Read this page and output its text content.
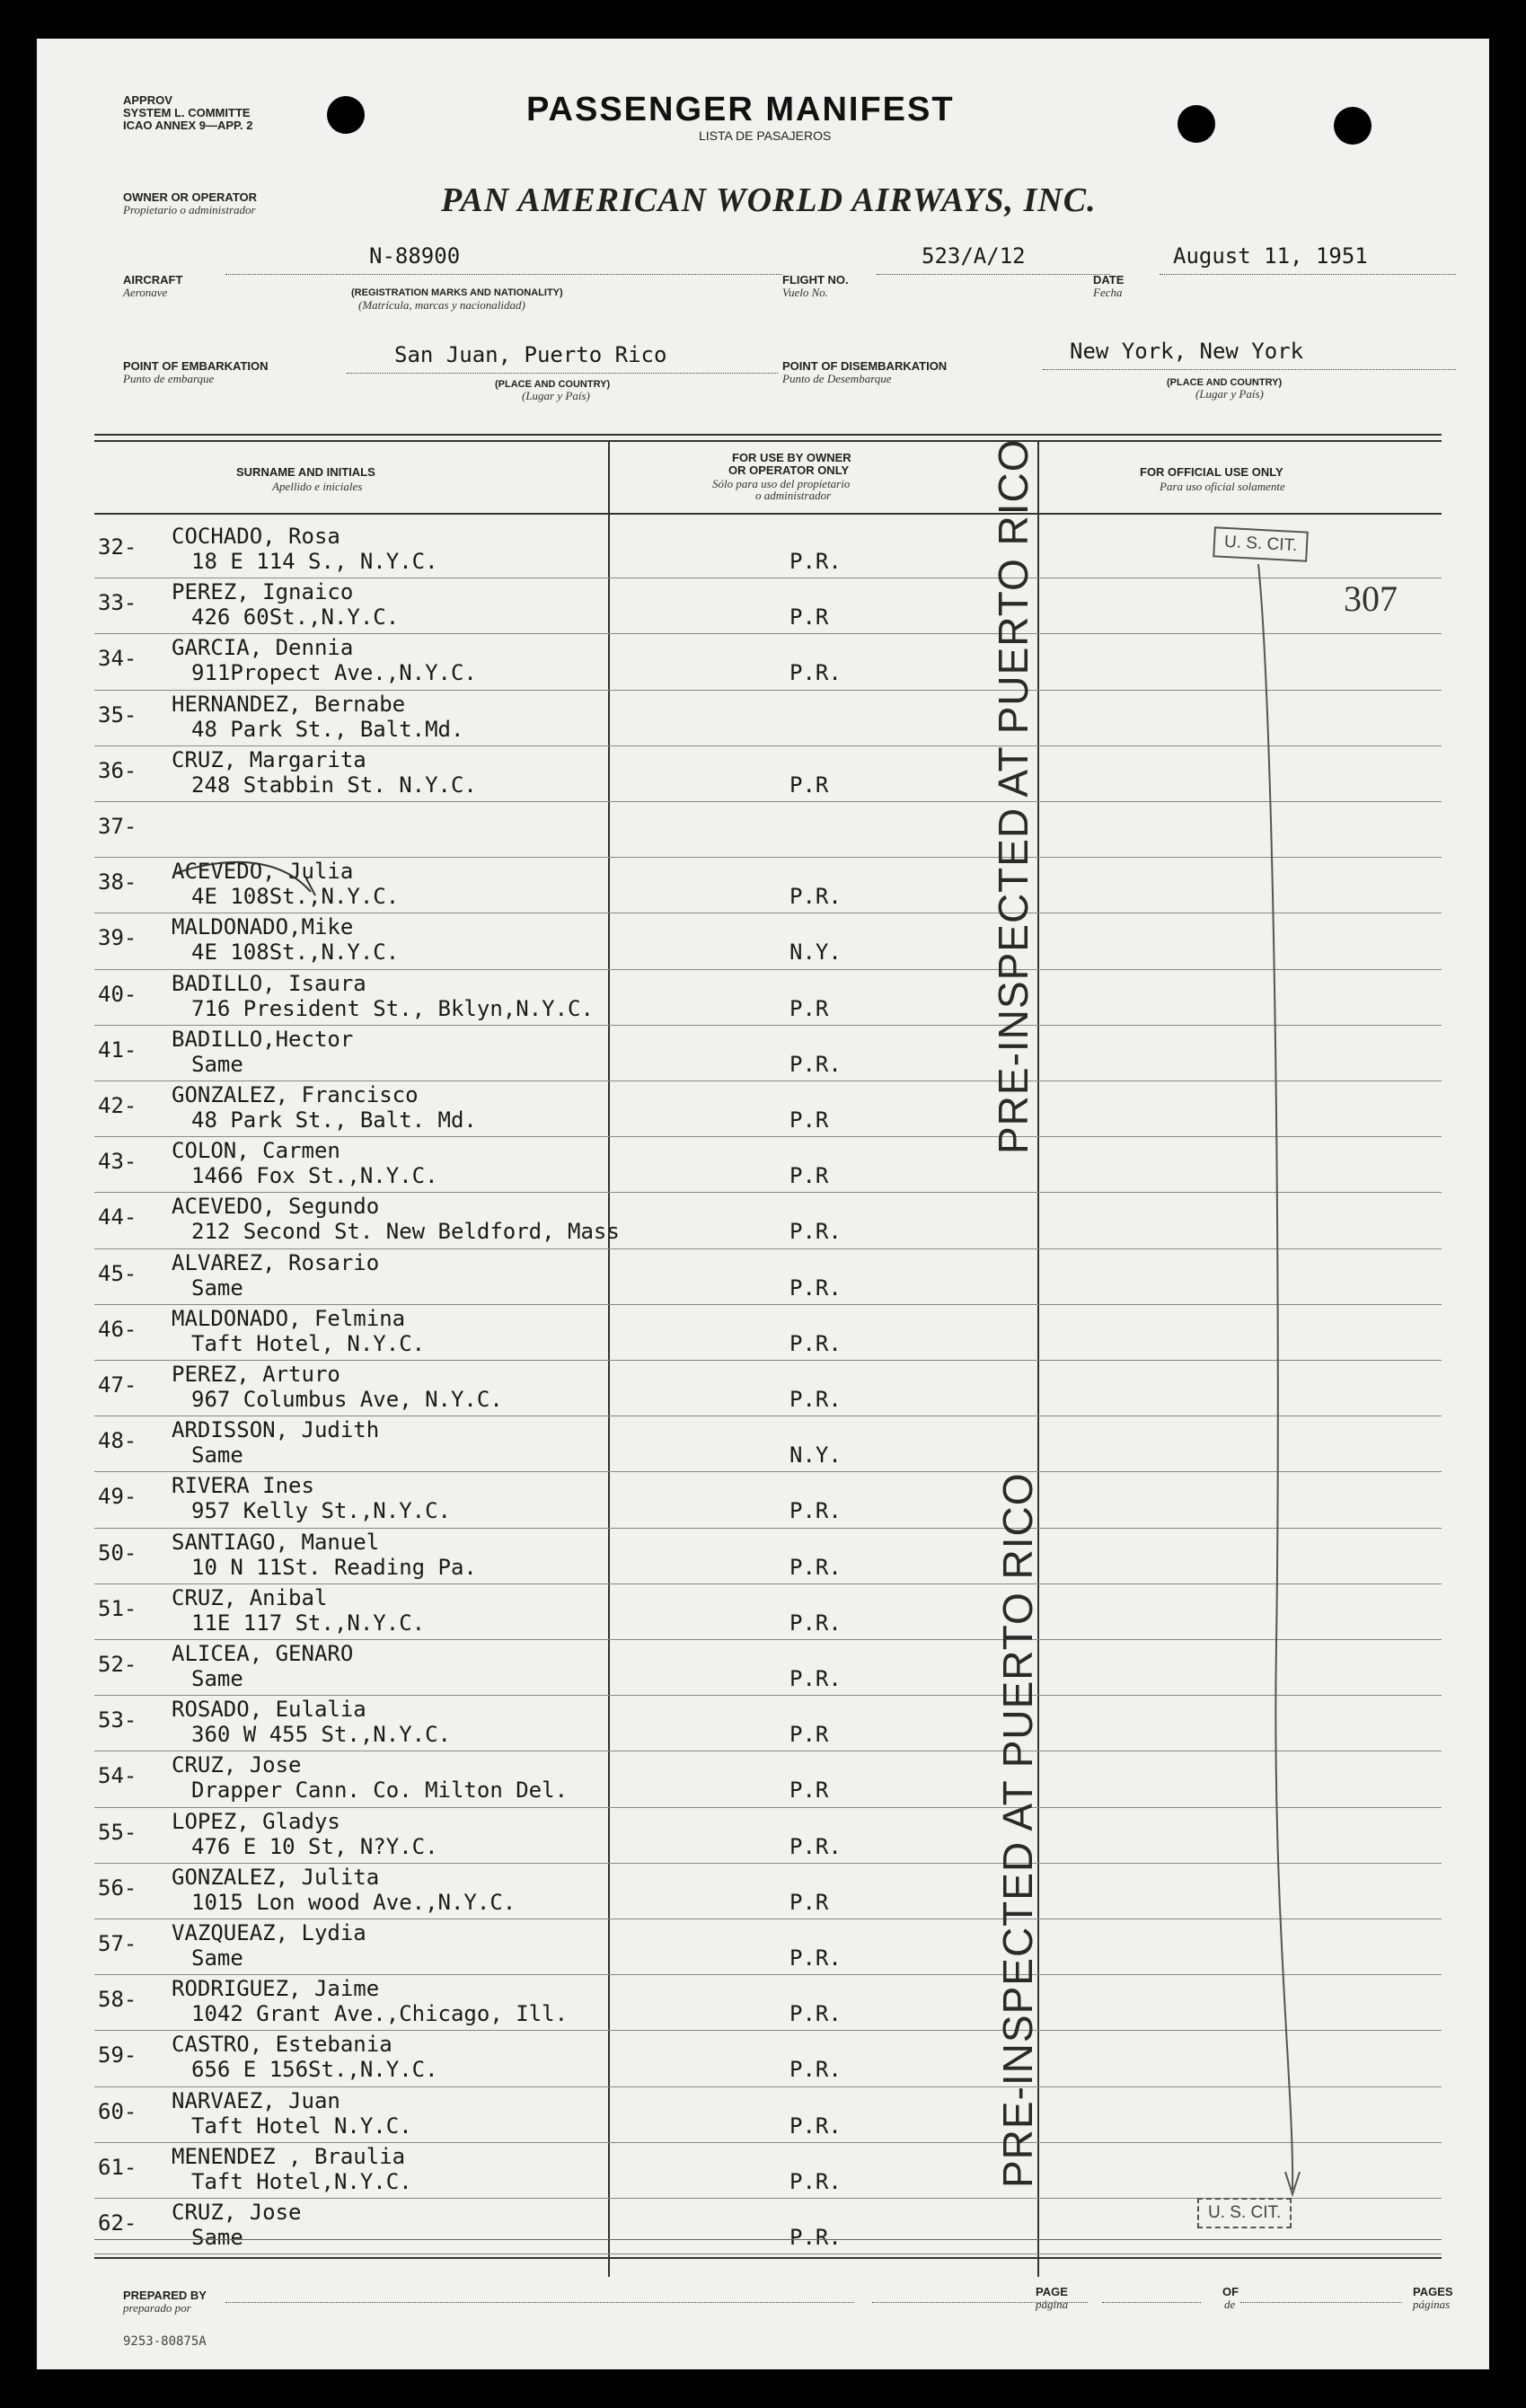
APPROV
SYSTEM L. COMMITTE
ICAO ANNEX 9—APP. 2	PASSENGER MANIFEST
LISTA DE PASAJEROS
OWNER OR OPERATOR
Propietario o administrador	PAN AMERICAN WORLD AIRWAYS, INC.
N-88900
AIRCRAFT
Aeronave	(REGISTRATION MARKS AND NATIONALITY)
(Matrícula, marcas y nacionalidad)
523/A/12
FLIGHT NO.
Vuelo No.
August 11, 1951
DATE
Fecha
San Juan, Puerto Rico
POINT OF EMBARKATION
Punto de embarque	(PLACE AND COUNTRY)
(Lugar y País)
New York, New York
POINT OF DISEMBARKATION
Punto de Desembarque	(PLACE AND COUNTRY)
(Lugar y País)
SURNAME AND INITIALS
Apellido e iniciales
FOR USE BY OWNER
OR OPERATOR ONLY
Sólo para uso del propietario
o administrador
FOR OFFICIAL USE ONLY
Para uso oficial solamente
32- COCHADO, Rosa
18 E 114 S., N.Y.C.	P.R.
33- PEREZ, Ignaico
426 60St.,N.Y.C.	P.R
34- GARCIA, Dennia
911Propect Ave.,N.Y.C.	P.R.
35- HERNANDEZ, Bernabe
48 Park St., Balt.Md.
36- CRUZ, Margarita
248 Stabbin St. N.Y.C.	P.R
37-
38- ACEVEDO, Julia
4E 108St.,N.Y.C.	P.R.
39- MALDONADO,Mike
4E 108St.,N.Y.C.	N.Y.
40- BADILLO, Isaura
716 President St., Bklyn,N.Y.C.	P.R
41- BADILLO,Hector
Same	P.R.
42- GONZALEZ, Francisco
48 Park St., Balt. Md.	P.R
43- COLON, Carmen
1466 Fox St.,N.Y.C.	P.R
44- ACEVEDO, Segundo
212 Second St. New Beldford, Mass	P.R.
45- ALVAREZ, Rosario
Same	P.R.
46- MALDONADO, Felmina
Taft Hotel, N.Y.C.	P.R.
47- PEREZ, Arturo
967 Columbus Ave, N.Y.C.	P.R.
48- ARDISSON, Judith
Same	N.Y.
49- RIVERA Ines
957 Kelly St.,N.Y.C.	P.R.
50- SANTIAGO, Manuel
10 N 11St. Reading Pa.	P.R.
51- CRUZ, Anibal
11E 117 St.,N.Y.C.	P.R.
52- ALICEA, GENARO
Same	P.R.
53- ROSADO, Eulalia
360 W 455 St.,N.Y.C.	P.R
54- CRUZ, Jose
Drapper Cann. Co. Milton Del.	P.R
55- LOPEZ, Gladys
476 E 10 St, N?Y.C.	P.R.
56- GONZALEZ, Julita
1015 Lon wood Ave.,N.Y.C.	P.R
57- VAZQUEAZ, Lydia
Same	P.R.
58- RODRIGUEZ, Jaime
1042 Grant Ave.,Chicago, Ill.	P.R.
59- CASTRO, Estebania
656 E 156St.,N.Y.C.	P.R.
60- NARVAEZ, Juan
Taft Hotel N.Y.C.	P.R.
61- MENENDEZ , Braulia
Taft Hotel,N.Y.C.	P.R.
62- CRUZ, Jose
Same	P.R.
PRE-INSPECTED AT PUERTO RICO
PRE-INSPECTED AT PUERTO RICO
U. S. CIT.
U. S. CIT.
307
PREPARED BY
preparado por
PAGE
página
OF
de
PAGES
páginas
9253-80875A
